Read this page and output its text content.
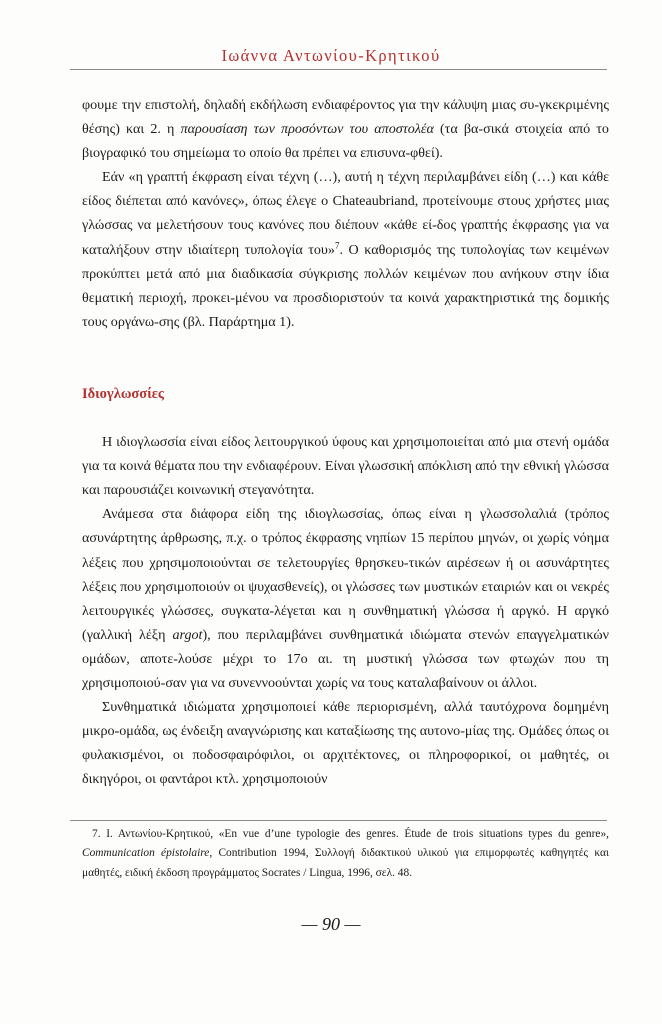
Ιωάννα Αντωνίου-Κρητικού

φουμε την επιστολή, δηλαδή εκδήλωση ενδιαφέροντος για την κάλυψη μιας συ-γκεκριμένης θέσης) και 2. η παρουσίαση των προσόντων του αποστολέα (τα βα-σικά στοιχεία από το βιογραφικό του σημείωμα το οποίο θα πρέπει να επισυνα-φθεί).

Εάν «η γραπτή έκφραση είναι τέχνη (…), αυτή η τέχνη περιλαμβάνει είδη (…) και κάθε είδος διέπεται από κανόνες», όπως έλεγε ο Chateaubriand, προτείνουμε στους χρήστες μιας γλώσσας να μελετήσουν τους κανόνες που διέπουν «κάθε εί-δος γραπτής έκφρασης για να καταλήξουν στην ιδιαίτερη τυπολογία του»$^7$. Ο καθορισμός της τυπολογίας των κειμένων προκύπτει μετά από μια διαδικασία σύγκρισης πολλών κειμένων που ανήκουν στην ίδια θεματική περιοχή, προκει-μένου να προσδιοριστούν τα κοινά χαρακτηριστικά της δομικής τους οργάνω-σης (βλ. Παράρτημα 1).

Ιδιογλωσσίες

Η ιδιογλωσσία είναι είδος λειτουργικού ύφους και χρησιμοποιείται από μια στενή ομάδα για τα κοινά θέματα που την ενδιαφέρουν. Είναι γλωσσική απόκλιση από την εθνική γλώσσα και παρουσιάζει κοινωνική στεγανότητα.

Ανάμεσα στα διάφορα είδη της ιδιογλωσσίας, όπως είναι η γλωσσολαλιά (τρόπος ασυνάρτητης άρθρωσης, π.χ. ο τρόπος έκφρασης νηπίων 15 περίπου μηνών, οι χωρίς νόημα λέξεις που χρησιμοποιούνται σε τελετουργίες θρησκευ-τικών αιρέσεων ή οι ασυνάρτητες λέξεις που χρησιμοποιούν οι ψυχασθενείς), οι γλώσσες των μυστικών εταιριών και οι νεκρές λειτουργικές γλώσσες, συγκατα-λέγεται και η συνθηματική γλώσσα ή αργκό. Η αργκό (γαλλική λέξη argot), που περιλαμβάνει συνθηματικά ιδιώματα στενών επαγγελματικών ομάδων, αποτε-λούσε μέχρι το 17ο αι. τη μυστική γλώσσα των φτωχών που τη χρησιμοποιού-σαν για να συνεννοούνται χωρίς να τους καταλαβαίνουν οι άλλοι.

Συνθηματικά ιδιώματα χρησιμοποιεί κάθε περιορισμένη, αλλά ταυτόχρονα δομημένη μικρο-ομάδα, ως ένδειξη αναγνώρισης και καταξίωσης της αυτονο-μίας της. Ομάδες όπως οι φυλακισμένοι, οι ποδοσφαιρόφιλοι, οι αρχιτέκτονες, οι πληροφορικοί, οι μαθητές, οι δικηγόροι, οι φαντάροι κτλ. χρησιμοποιούν

7. Ι. Αντωνίου-Κρητικού, «En vue d’une typologie des genres. Étude de trois situations types du genre», Communication épistolaire, Contribution 1994, Συλλογή διδακτικού υλικού για επιμορφωτές καθηγητές και μαθητές, ειδική έκδοση προγράμματος Socrates / Lingua, 1996, σελ. 48.

— 90 —
